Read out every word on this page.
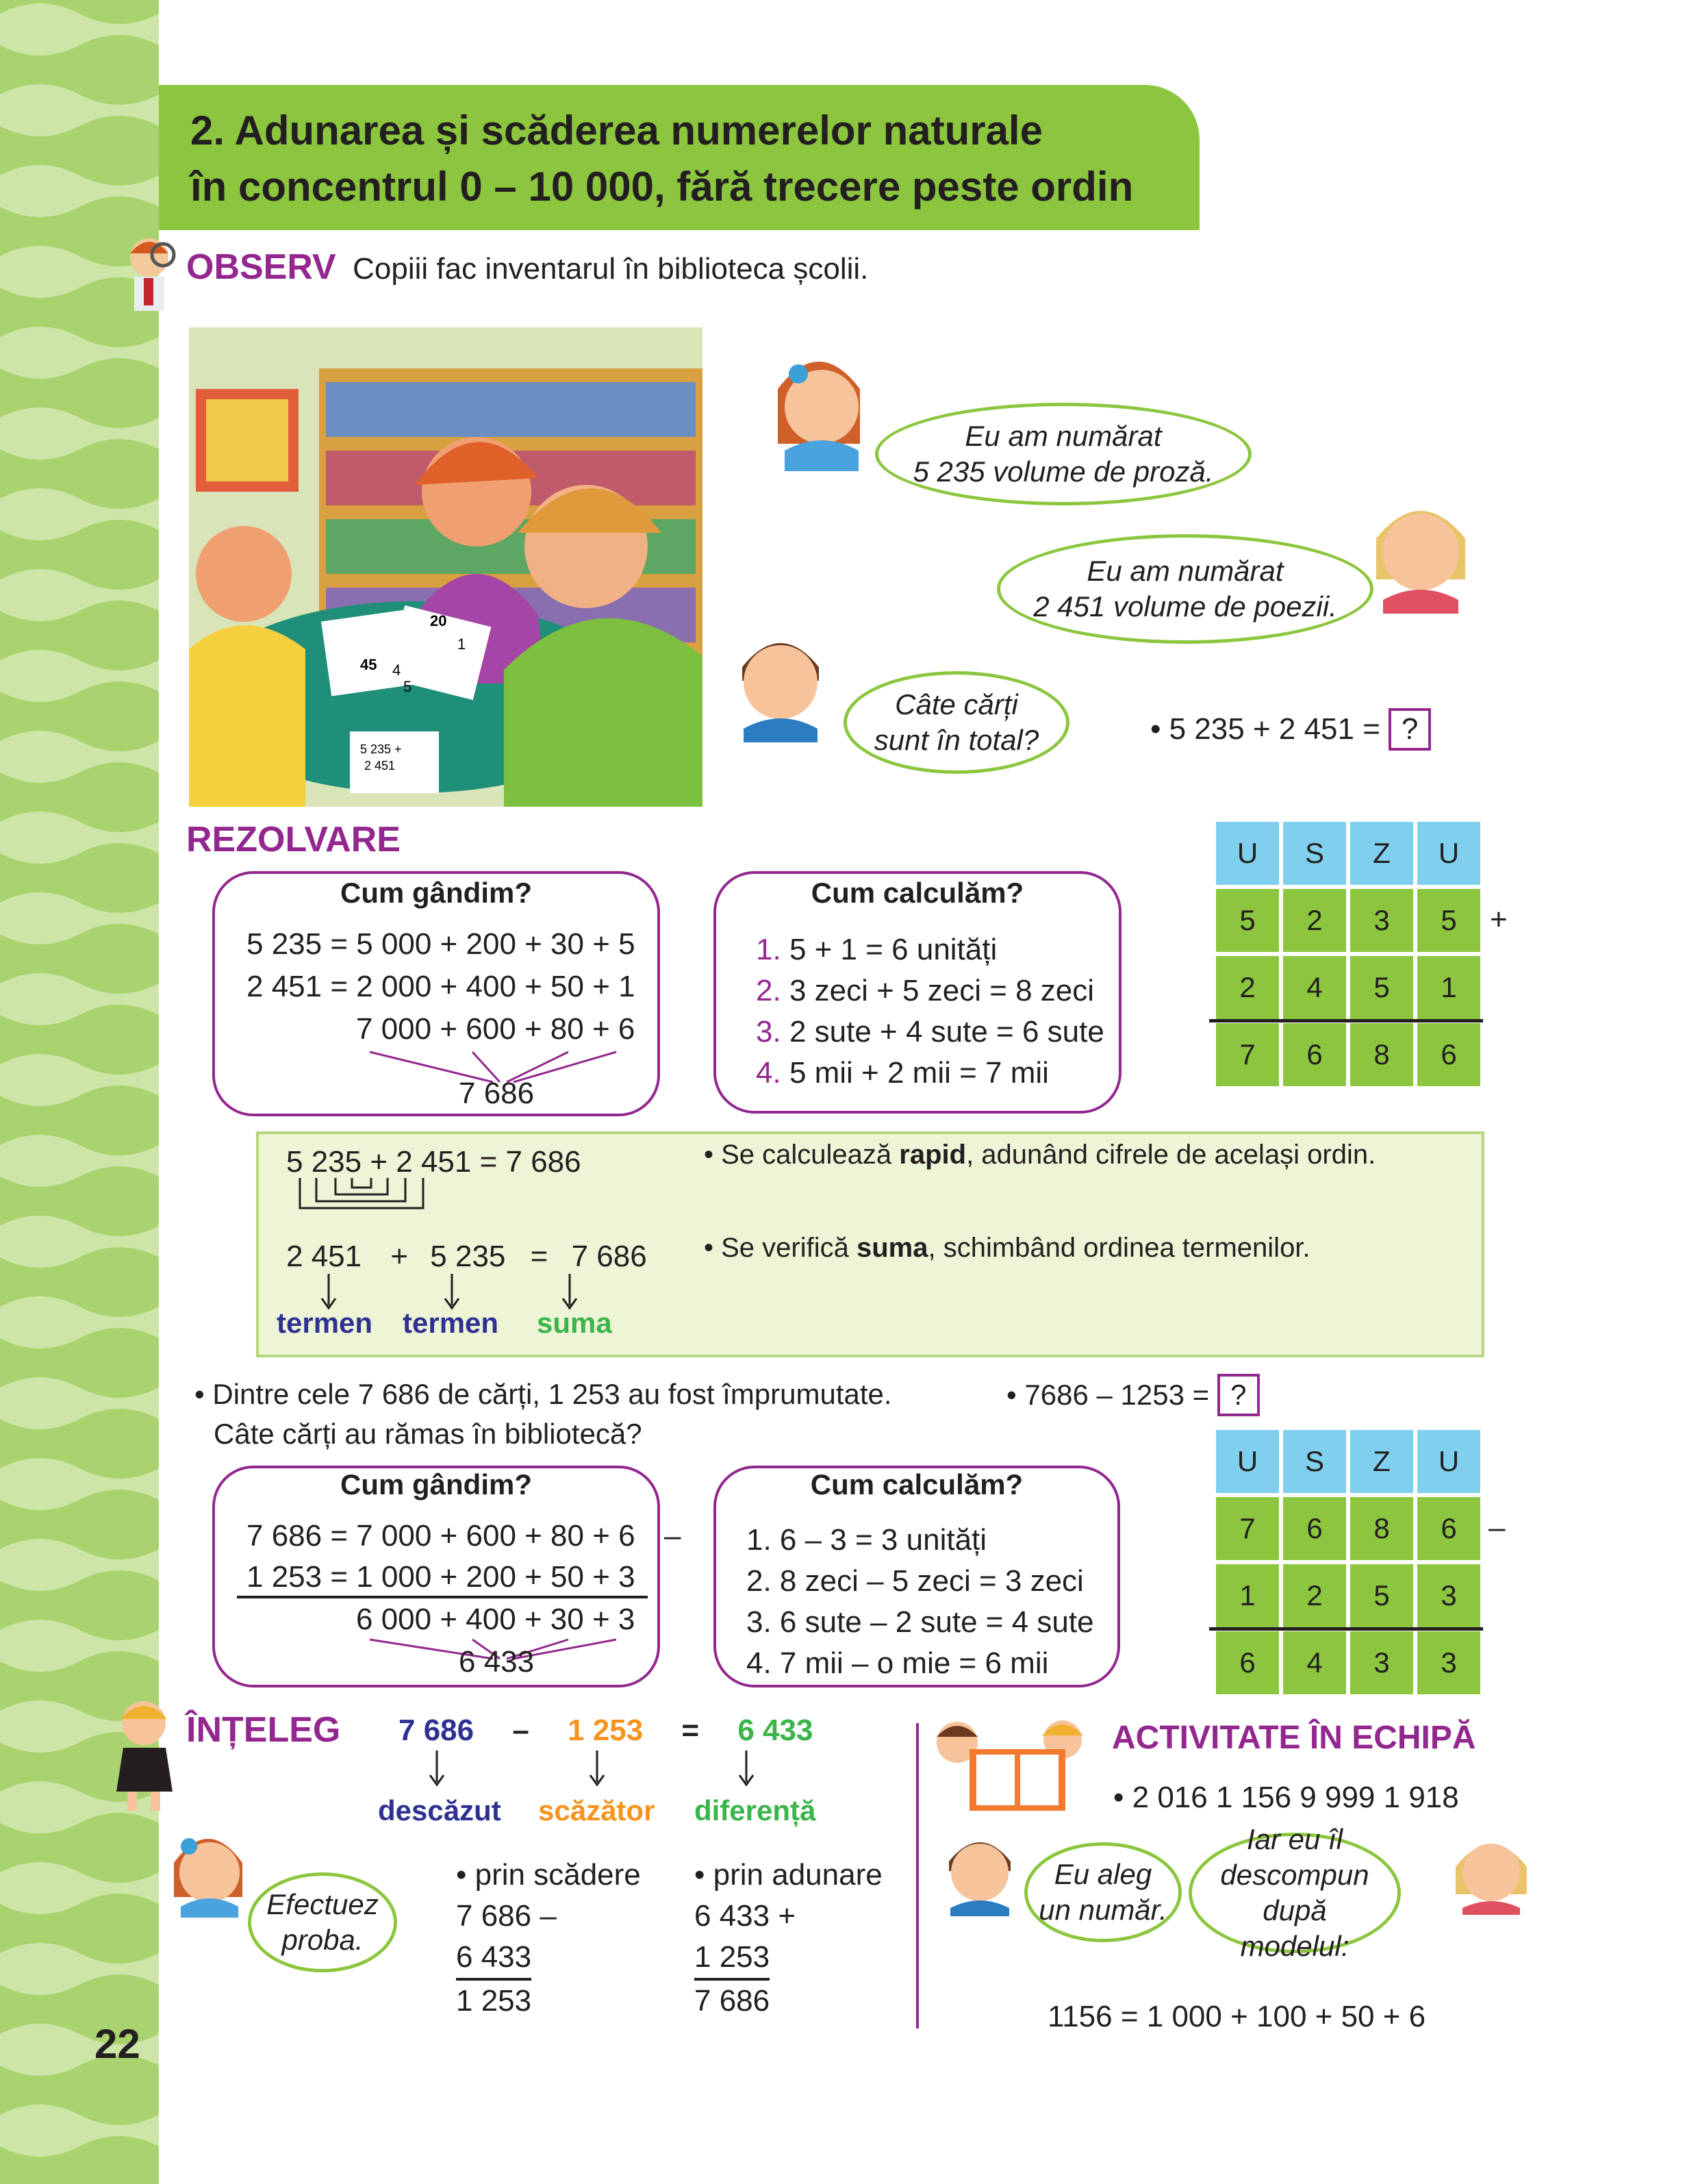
2. Adunarea și scăderea numerelor naturale
în concentrul 0 – 10 000, fără trecere peste ordin
OBSERV Copiii fac inventarul în biblioteca școlii.
20
1
45 4
5
5 235 +
2 451
Eu am numărat
5 235 volume de proză.
Eu am numărat
2 451 volume de poezii.
Câte cărți
sunt în total?	• 5 235 + 2 451 = ?
REZOLVARE
Cum gândim?
5 235 = 5 000 + 200 + 30 + 5
2 451 = 2 000 + 400 + 50 + 1
7 000 + 600 + 80 + 6
7 686
Cum calculăm?
1. 5 + 1 = 6 unități
2. 3 zeci + 5 zeci = 8 zeci
3. 2 sute + 4 sute = 6 sute
4. 5 mii + 2 mii = 7 mii
U	S	Z	U
5	2	3	5
2	4	5	1
7	6	8	6
+
5 235 + 2 451 = 7 686
2 451 + 5 235 = 7 686
termen termen suma
• Se calculează rapid, adunând cifrele de același ordin.
• Se verifică suma, schimbând ordinea termenilor.
• Dintre cele 7 686 de cărți, 1 253 au fost împrumutate.
Câte cărți au rămas în bibliotecă?
• 7686 – 1253 = ?
Cum gândim?
7 686 = 7 000 + 600 + 80 + 6 –
1 253 = 1 000 + 200 + 50 + 3
6 000 + 400 + 30 + 3
6 433
Cum calculăm?
1. 6 – 3 = 3 unități
2. 8 zeci – 5 zeci = 3 zeci
3. 6 sute – 2 sute = 4 sute
4. 7 mii – o mie = 6 mii
U	S	Z	U
7	6	8	6
1	2	5	3
6	4	3	3
–
ÎNȚELEG 7 686 – 1 253 = 6 433
descăzut scăzător diferență
Efectuez
proba.
• prin scădere
7 686 –
6 433
1 253
• prin adunare
6 433 +
1 253
7 686
ACTIVITATE ÎN ECHIPĂ
• 2 016 1 156 9 999 1 918
Eu aleg
un număr.
Iar eu îl
descompun după
modelul:
1156 = 1 000 + 100 + 50 + 6
22
